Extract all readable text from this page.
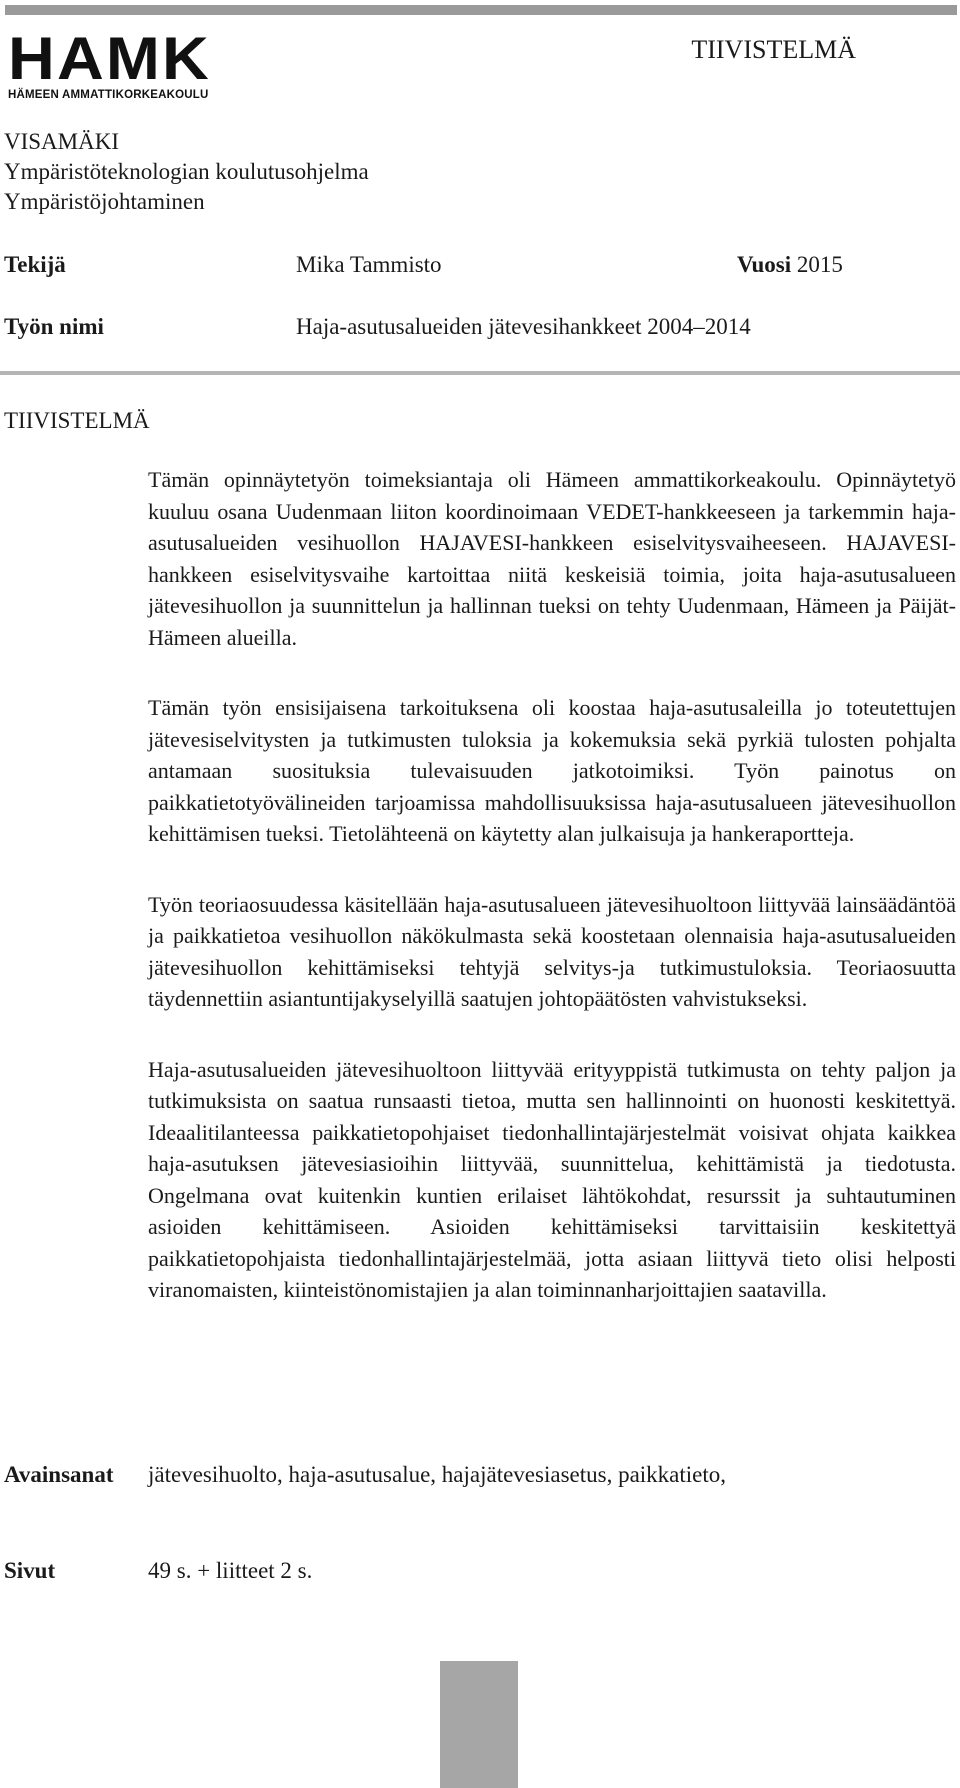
HAMK
HÄMEEN AMMATTIKORKEAKOULU
TIIVISTELMÄ
VISAMÄKI
Ympäristöteknologian koulutusohjelma
Ympäristöjohtaminen
Tekijä	Mika Tammisto	Vuosi 2015
Työn nimi	Haja-asutusalueiden jätevesihankkeet 2004–2014
TIIVISTELMÄ

Tämän opinnäytetyön toimeksiantaja oli Hämeen ammattikorkeakoulu. Opinnäytetyö kuuluu osana Uudenmaan liiton koordinoimaan VEDET-hankkeeseen ja tarkemmin haja-asutusalueiden vesihuollon HAJAVESI-hankkeen esiselvitysvaiheeseen. HAJAVESI-hankkeen esiselvitysvaihe kartoittaa niitä keskeisiä toimia, joita haja-asutusalueen jätevesihuollon ja suunnittelun ja hallinnan tueksi on tehty Uudenmaan, Hämeen ja Päijät-Hämeen alueilla.

Tämän työn ensisijaisena tarkoituksena oli koostaa haja-asutusaleilla jo toteutettujen jätevesiselvitysten ja tutkimusten tuloksia ja kokemuksia sekä pyrkiä tulosten pohjalta antamaan suosituksia tulevaisuuden jatkotoimiksi. Työn painotus on paikkatietotyövälineiden tarjoamissa mahdollisuuksissa haja-asutusalueen jätevesihuollon kehittämisen tueksi. Tietolähteenä on käytetty alan julkaisuja ja hankeraportteja.

Työn teoriaosuudessa käsitellään haja-asutusalueen jätevesihuoltoon liittyvää lainsäädäntöä ja paikkatietoa vesihuollon näkökulmasta sekä koostetaan olennaisia haja-asutusalueiden jätevesihuollon kehittämiseksi tehtyjä selvitys-ja tutkimustuloksia. Teoriaosuutta täydennettiin asiantuntijakyselyillä saatujen johtopäätösten vahvistukseksi.

Haja-asutusalueiden jätevesihuoltoon liittyvää erityyppistä tutkimusta on tehty paljon ja tutkimuksista on saatua runsaasti tietoa, mutta sen hallinnointi on huonosti keskitettyä. Ideaalitilanteessa paikkatietopohjaiset tiedonhallintajärjestelmät voisivat ohjata kaikkea haja-asutuksen jätevesiasioihin liittyvää, suunnittelua, kehittämistä ja tiedotusta. Ongelmana ovat kuitenkin kuntien erilaiset lähtökohdat, resurssit ja suhtautuminen asioiden kehittämiseen. Asioiden kehittämiseksi tarvittaisiin keskitettyä paikkatietopohjaista tiedonhallintajärjestelmää, jotta asiaan liittyvä tieto olisi helposti viranomaisten, kiinteistönomistajien ja alan toiminnanharjoittajien saatavilla.

Avainsanat jätevesihuolto, haja-asutusalue, hajajätevesiasetus, paikkatieto,
Sivut	49 s. + liitteet 2 s.
